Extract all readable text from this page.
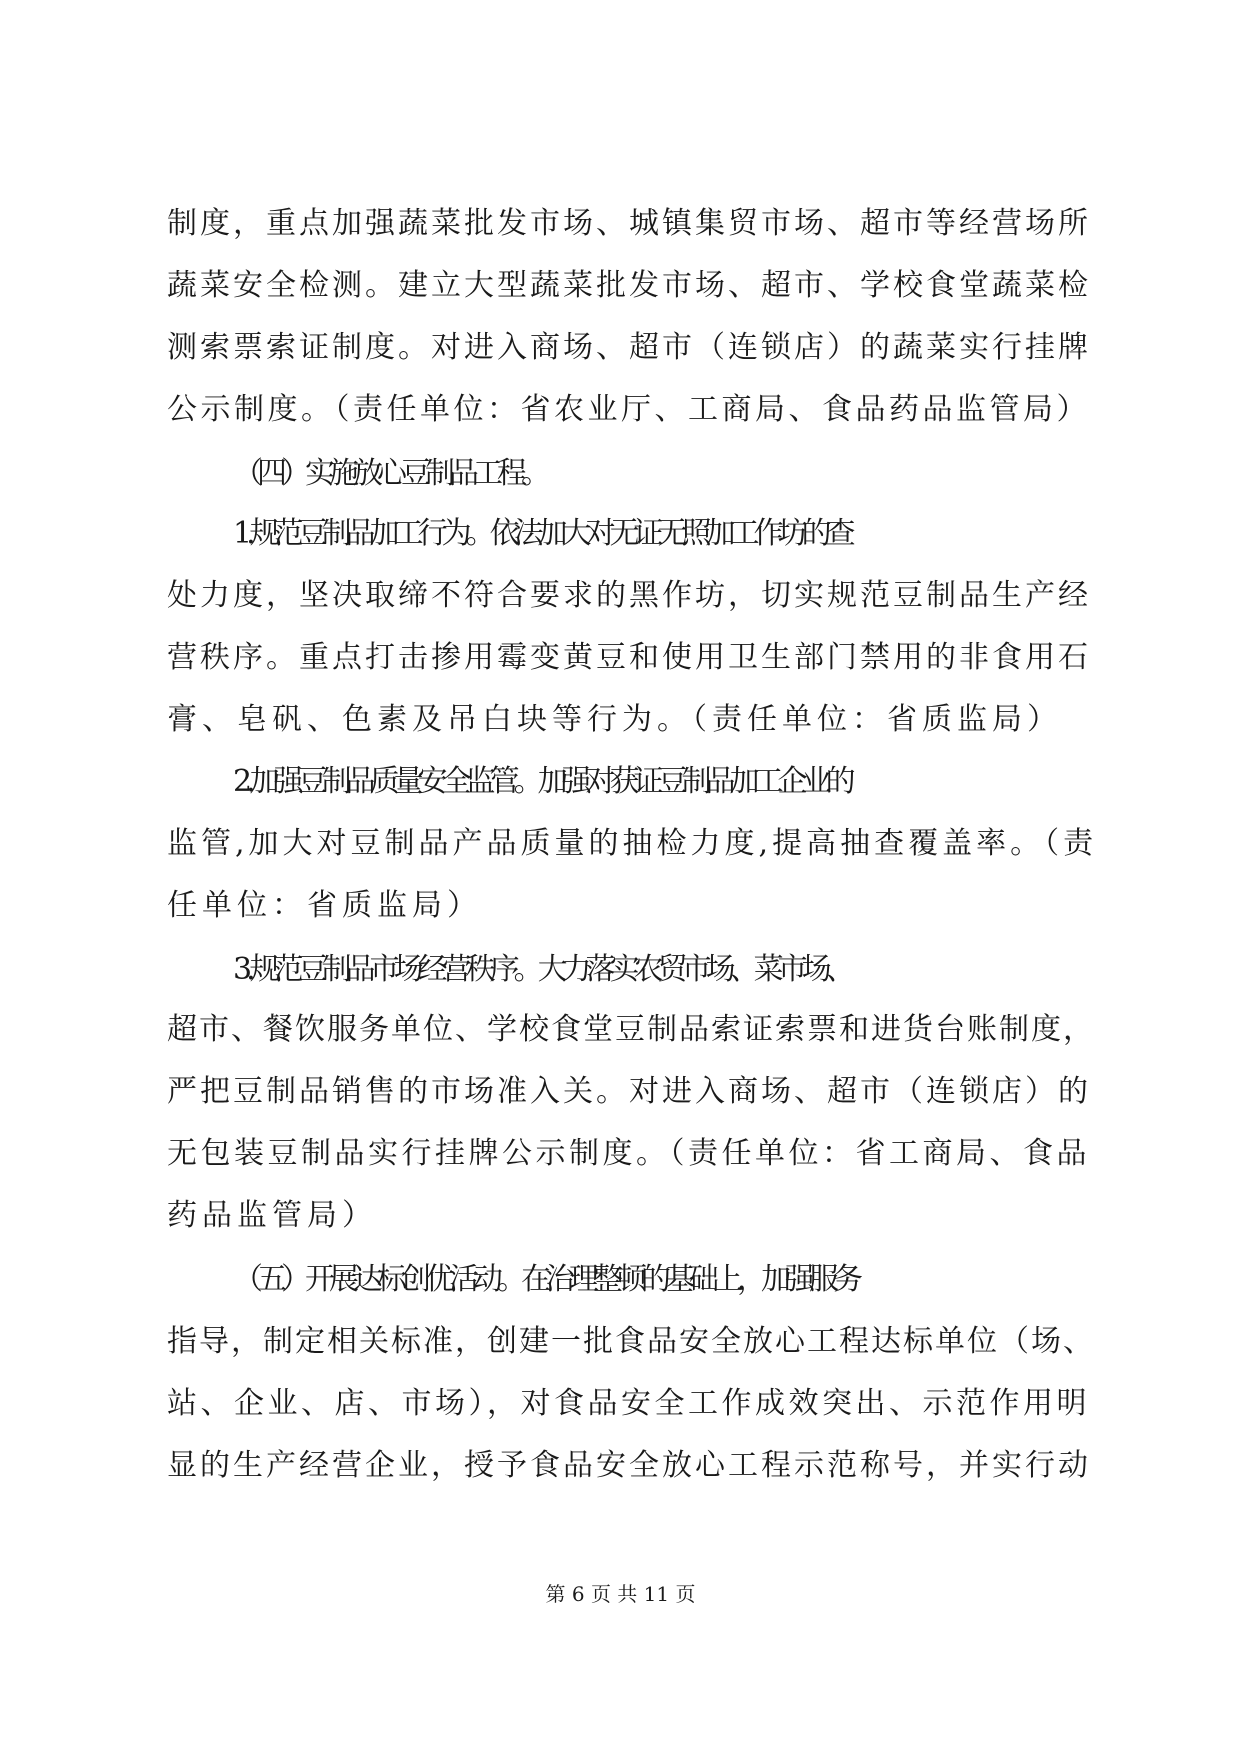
制度，重点加强蔬菜批发市场、城镇集贸市场、超市等经营场所
蔬菜安全检测。建立大型蔬菜批发市场、超市、学校食堂蔬菜检
测索票索证制度。对进入商场、超市（连锁店）的蔬菜实行挂牌
公示制度。（责任单位：省农业厅、工商局、食品药品监管局）
（四）实施放心豆制品工程。
1.规范豆制品加工行为。依法加大对无证无照加工作坊的查
处力度，坚决取缔不符合要求的黑作坊，切实规范豆制品生产经
营秩序。重点打击掺用霉变黄豆和使用卫生部门禁用的非食用石
膏、皂矾、色素及吊白块等行为。（责任单位：省质监局）
2.加强豆制品质量安全监管。加强对获证豆制品加工企业的
监管,加大对豆制品产品质量的抽检力度,提高抽查覆盖率。（责
任单位：省质监局）
3.规范豆制品市场经营秩序。大力落实农贸市场、菜市场、
超市、餐饮服务单位、学校食堂豆制品索证索票和进货台账制度，
严把豆制品销售的市场准入关。对进入商场、超市（连锁店）的
无包装豆制品实行挂牌公示制度。（责任单位：省工商局、食品
药品监管局）
（五）开展达标创优活动。在治理整顿的基础上，加强服务
指导，制定相关标准，创建一批食品安全放心工程达标单位（场、
站、企业、店、市场），对食品安全工作成效突出、示范作用明
显的生产经营企业，授予食品安全放心工程示范称号，并实行动
第 6 页 共 11 页
